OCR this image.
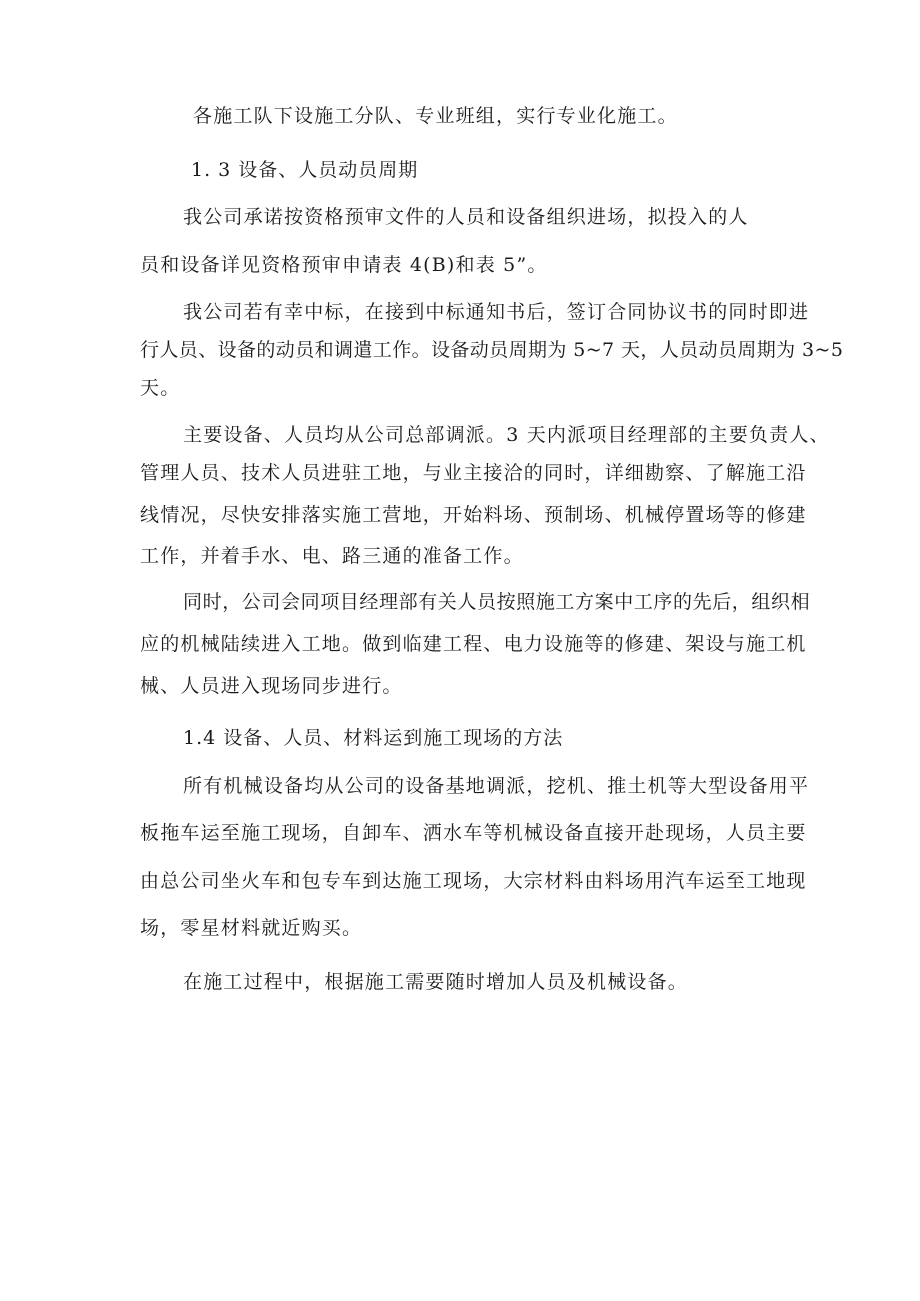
各施工队下设施工分队、专业班组，实行专业化施工。
1. 3 设备、人员动员周期
我公司承诺按资格预审文件的人员和设备组织进场，拟投入的人
员和设备详见资格预审申请表 4(B)和表 5”。
我公司若有幸中标，在接到中标通知书后，签订合同协议书的同时即进
行人员、设备的动员和调遣工作。设备动员周期为 5~7 天，人员动员周期为 3~5
天。
主要设备、人员均从公司总部调派。3 天内派项目经理部的主要负责人、
管理人员、技术人员进驻工地，与业主接洽的同时，详细勘察、了解施工沿
线情况，尽快安排落实施工营地，开始料场、预制场、机械停置场等的修建
工作，并着手水、电、路三通的准备工作。
同时，公司会同项目经理部有关人员按照施工方案中工序的先后，组织相
应的机械陆续进入工地。做到临建工程、电力设施等的修建、架设与施工机
械、人员进入现场同步进行。
1.4 设备、人员、材料运到施工现场的方法
所有机械设备均从公司的设备基地调派，挖机、推土机等大型设备用平
板拖车运至施工现场，自卸车、洒水车等机械设备直接开赴现场，人员主要
由总公司坐火车和包专车到达施工现场，大宗材料由料场用汽车运至工地现
场，零星材料就近购买。
在施工过程中，根据施工需要随时增加人员及机械设备。
